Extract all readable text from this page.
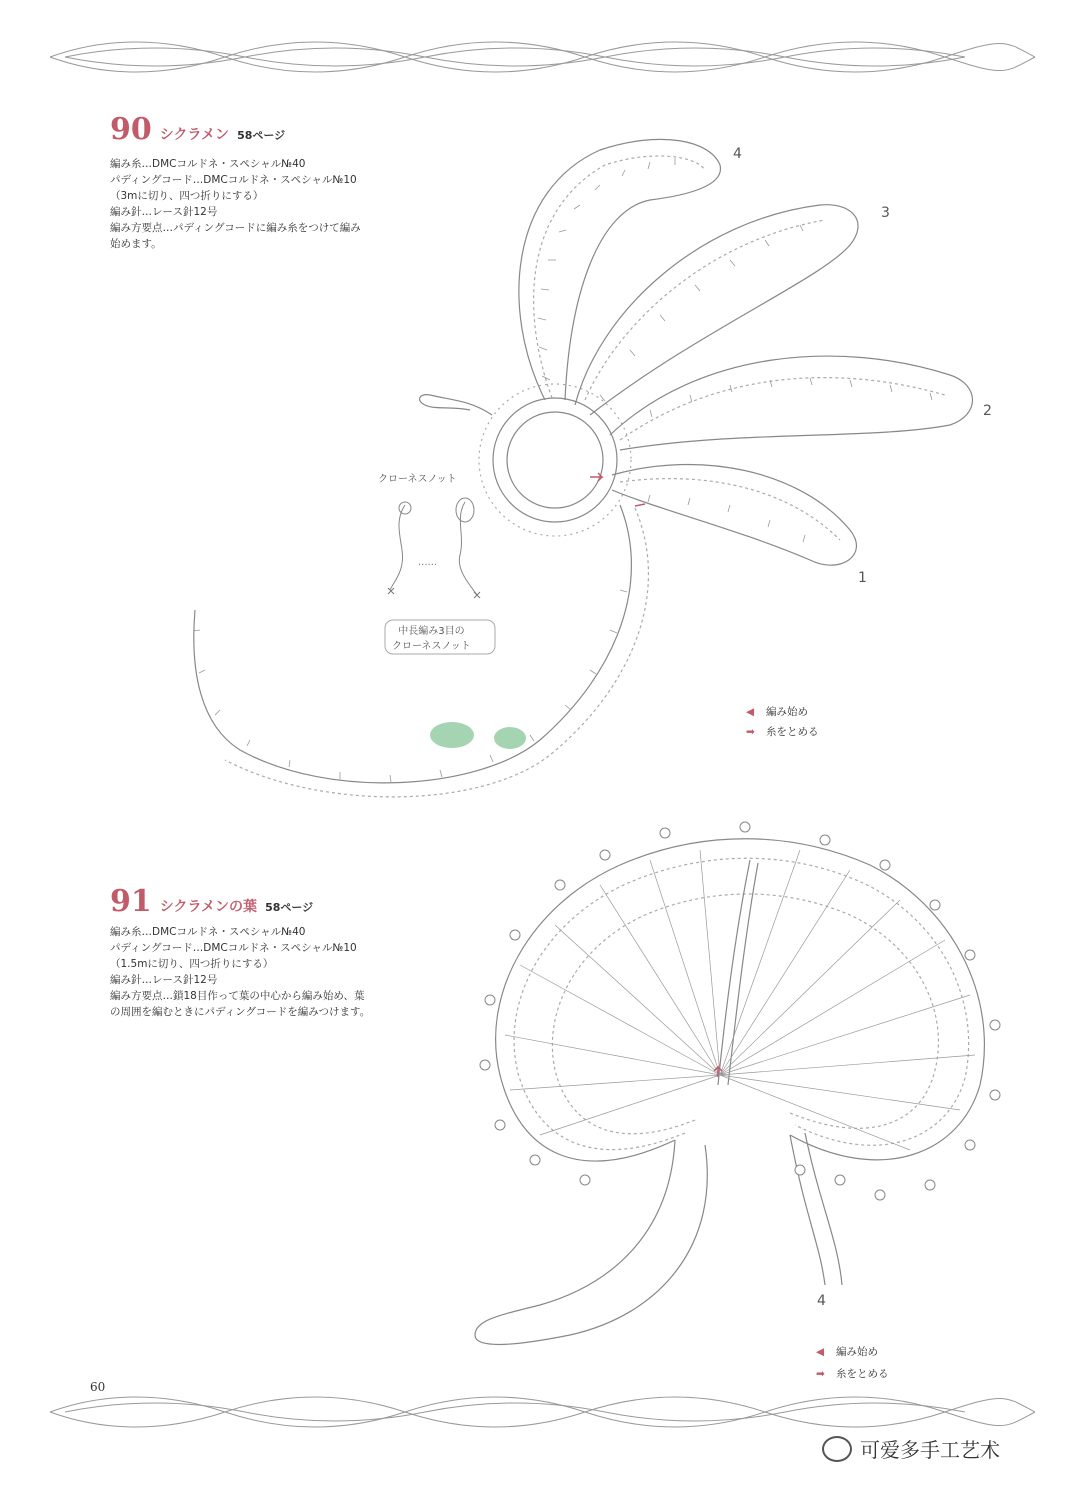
90 シクラメン 58ページ
編み糸…DMCコルドネ・スペシャル№40
パディングコード…DMCコルドネ・スペシャル№10
（3mに切り、四つ折りにする）
編み針…レース針12号
編み方要点…パディングコードに編み糸をつけて編み
始めます。
......
4
3
2
1
クローネスノット
中長編み3目の
クローネスノット
◀ 編み始め
➡ 糸をとめる
91 シクラメンの葉 58ページ
編み糸…DMCコルドネ・スペシャル№40
パディングコード…DMCコルドネ・スペシャル№10
（1.5mに切り、四つ折りにする）
編み針…レース針12号
編み方要点…鎖18目作って葉の中心から編み始め、葉
の周囲を編むときにパディングコードを編みつけます。
4
◀ 編み始め
➡ 糸をとめる
60
可爱多手工艺术
